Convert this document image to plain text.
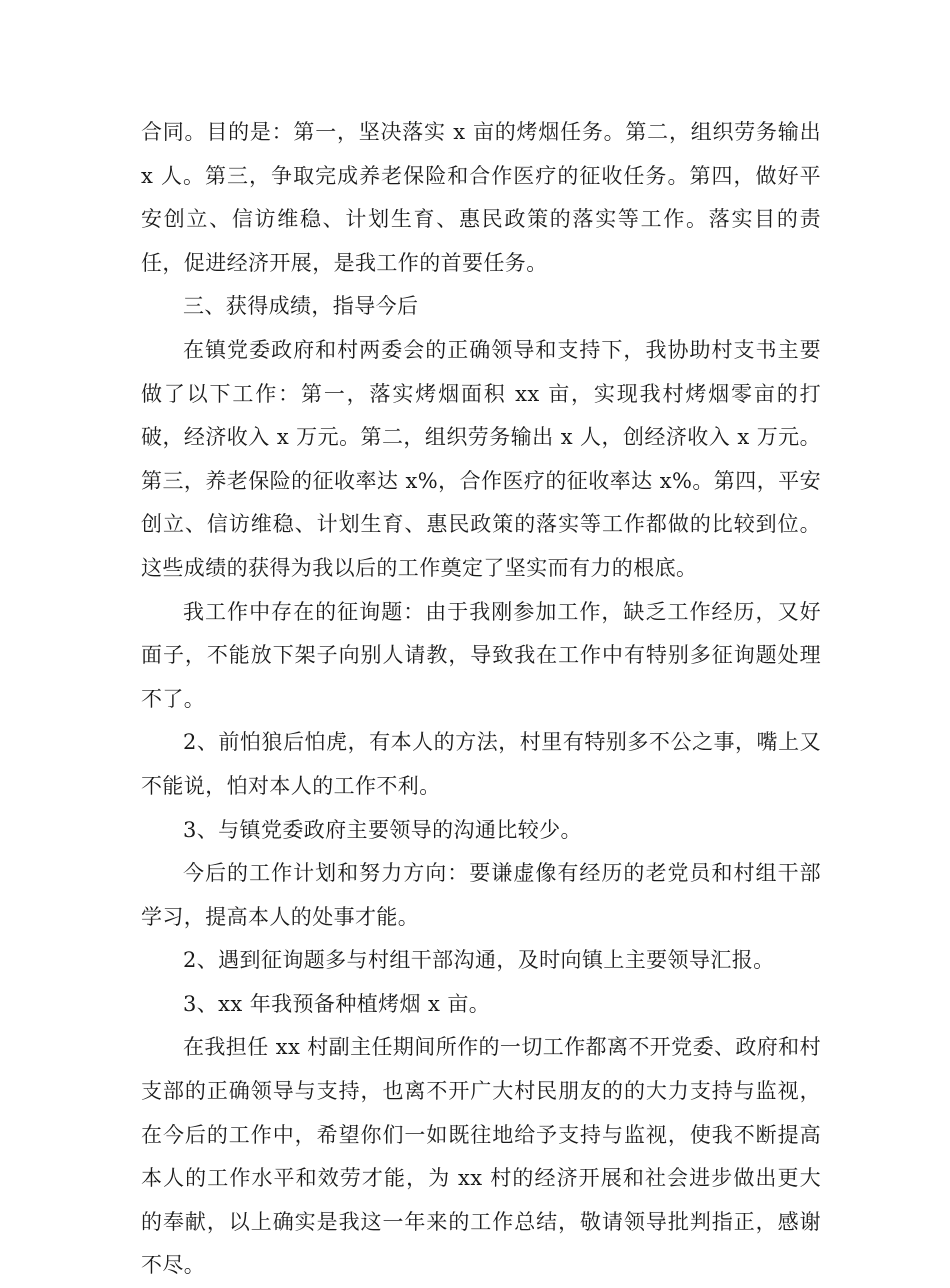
合同。目的是：第一，坚决落实 x 亩的烤烟任务。第二，组织劳务输出 x 人。第三，争取完成养老保险和合作医疗的征收任务。第四，做好平安创立、信访维稳、计划生育、惠民政策的落实等工作。落实目的责任，促进经济开展，是我工作的首要任务。

三、获得成绩，指导今后

在镇党委政府和村两委会的正确领导和支持下，我协助村支书主要做了以下工作：第一，落实烤烟面积 xx 亩，实现我村烤烟零亩的打破，经济收入 x 万元。第二，组织劳务输出 x 人，创经济收入 x 万元。第三，养老保险的征收率达 x%，合作医疗的征收率达 x%。第四，平安创立、信访维稳、计划生育、惠民政策的落实等工作都做的比较到位。这些成绩的获得为我以后的工作奠定了坚实而有力的根底。

我工作中存在的征询题：由于我刚参加工作，缺乏工作经历，又好面子，不能放下架子向别人请教，导致我在工作中有特别多征询题处理不了。

2、前怕狼后怕虎，有本人的方法，村里有特别多不公之事，嘴上又不能说，怕对本人的工作不利。

3、与镇党委政府主要领导的沟通比较少。

今后的工作计划和努力方向：要谦虚像有经历的老党员和村组干部学习，提高本人的处事才能。

2、遇到征询题多与村组干部沟通，及时向镇上主要领导汇报。

3、xx 年我预备种植烤烟 x 亩。

在我担任 xx 村副主任期间所作的一切工作都离不开党委、政府和村支部的正确领导与支持，也离不开广大村民朋友的的大力支持与监视，在今后的工作中，希望你们一如既往地给予支持与监视，使我不断提高本人的工作水平和效劳才能，为 xx 村的经济开展和社会进步做出更大的奉献，以上确实是我这一年来的工作总结，敬请领导批判指正，感谢不尽。
